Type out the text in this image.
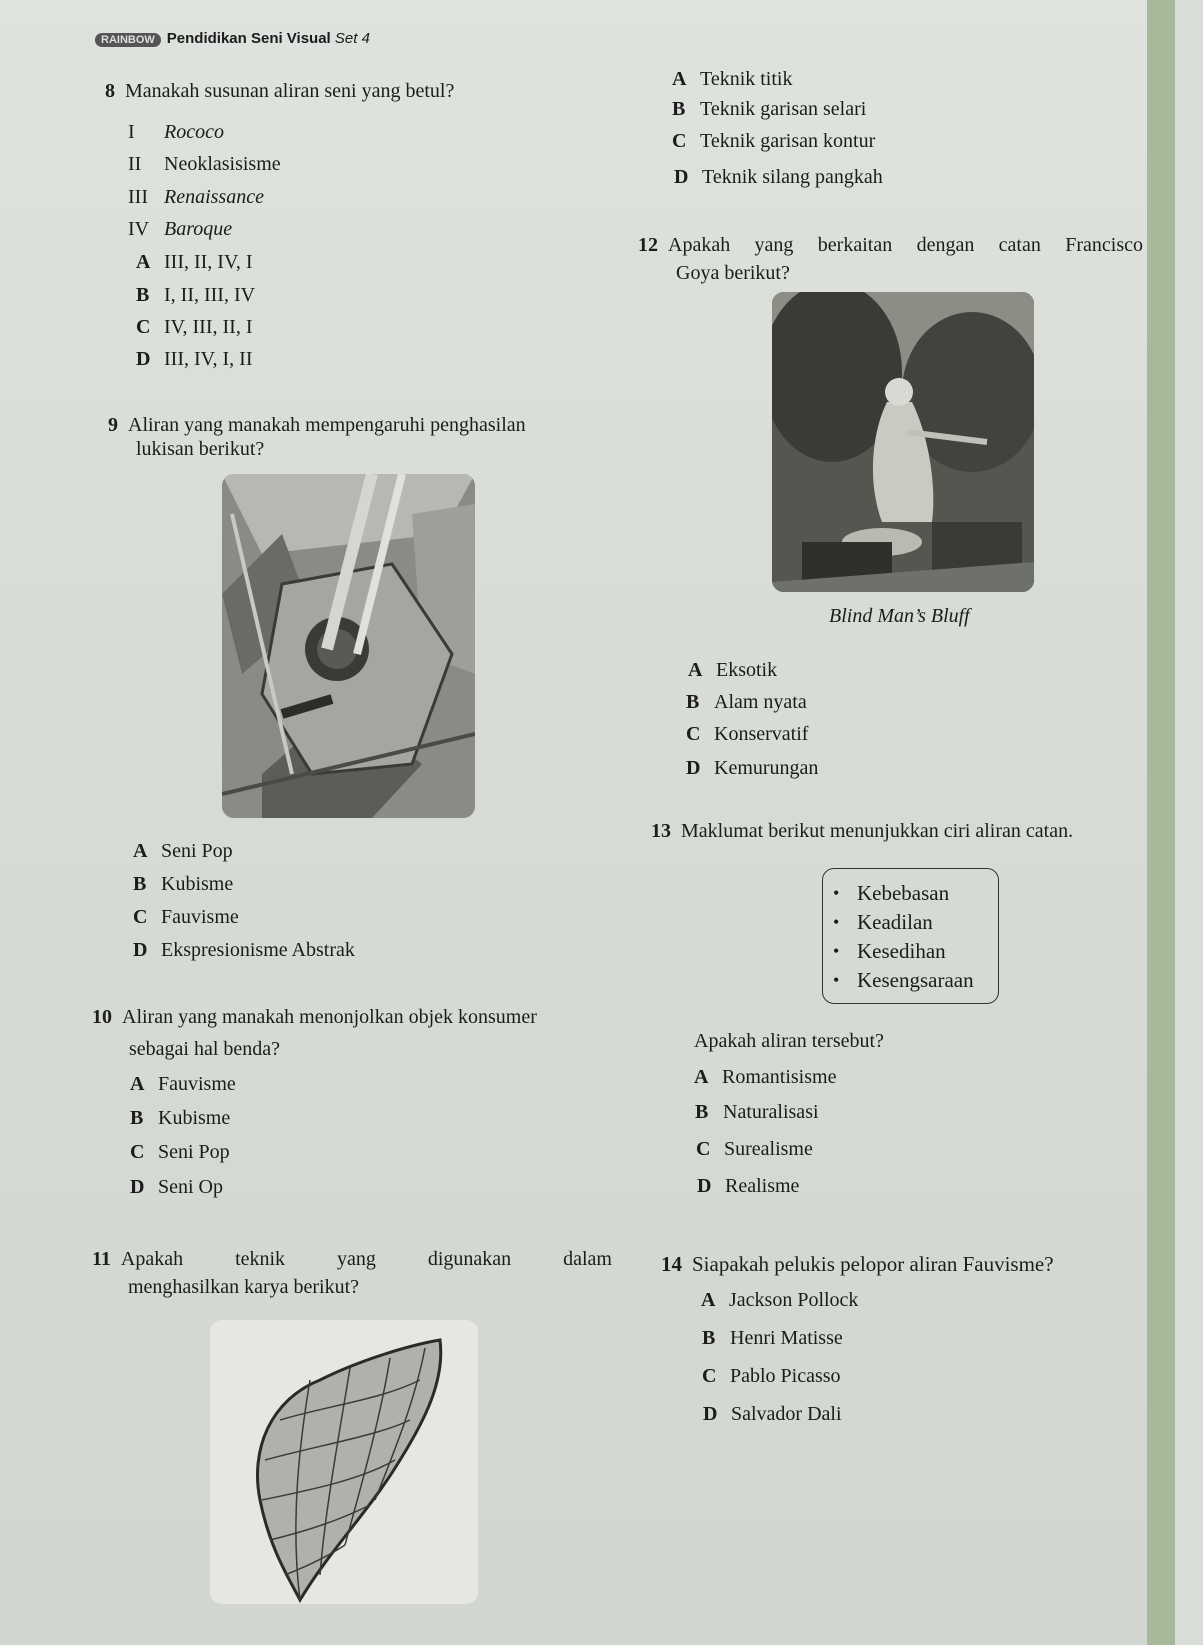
RAINBOW Pendidikan Seni Visual Set 4
8 Manakah susunan aliran seni yang betul?
I Rococo
II Neoklasisisme
III Renaissance
IV Baroque
A III, II, IV, I
B I, II, III, IV
C IV, III, II, I
D III, IV, I, II
9 Aliran yang manakah mempengaruhi penghasilan
lukisan berikut?
A Seni Pop
B Kubisme
C Fauvisme
D Ekspresionisme Abstrak
10 Aliran yang manakah menonjolkan objek konsumer
sebagai hal benda?
A Fauvisme
B Kubisme
C Seni Pop
D Seni Op
11 Apakah	teknik	yang	digunakan	dalam
menghasilkan karya berikut?
A Teknik titik
B Teknik garisan selari
C Teknik garisan kontur
D Teknik silang pangkah
12 Apakah yang berkaitan dengan catan Francisco
Goya berikut?
Blind Man’s Bluff
A Eksotik
B Alam nyata
C Konservatif
D Kemurungan
13 Maklumat berikut menunjukkan ciri aliran catan.
• Kebebasan
• Keadilan
• Kesedihan
• Kesengsaraan
Apakah aliran tersebut?
A Romantisisme
B Naturalisasi
C Surealisme
D Realisme
14 Siapakah pelukis pelopor aliran Fauvisme?
A Jackson Pollock
B Henri Matisse
C Pablo Picasso
D Salvador Dali
